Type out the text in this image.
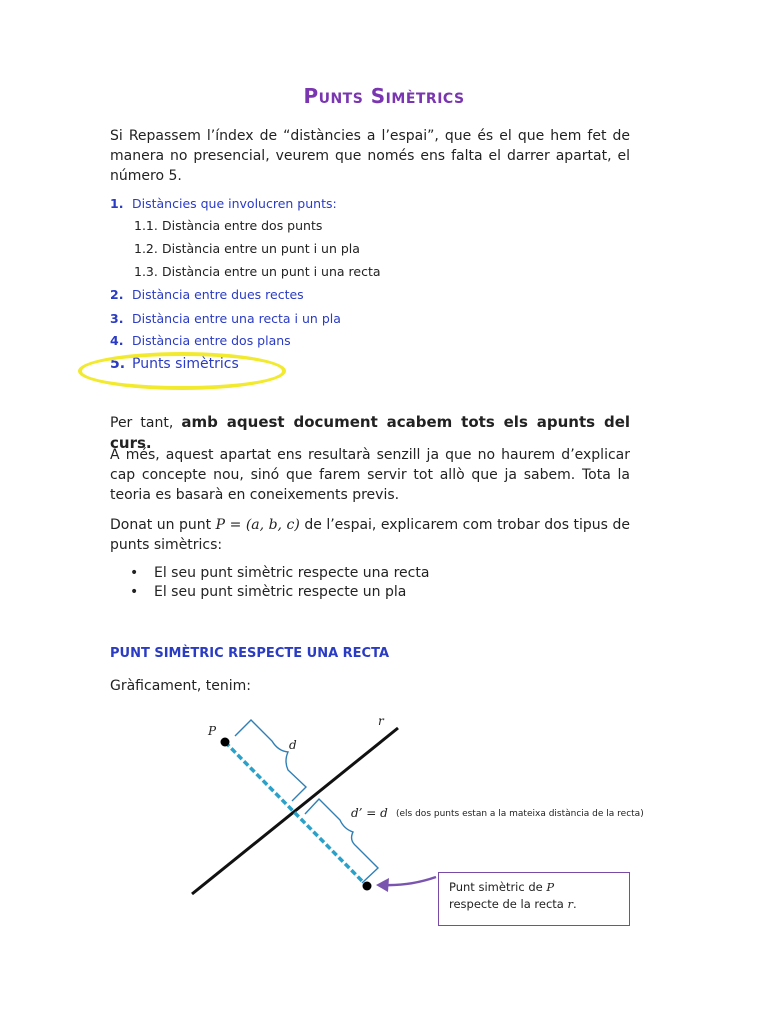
Punts Simètrics
Si Repassem l’índex de “distàncies a l’espai”, que és el que hem fet de manera no presencial, veurem que només ens falta el darrer apartat, el número 5.
1. Distàncies que involucren punts:
1.1. Distància entre dos punts
1.2. Distància entre un punt i un pla
1.3. Distància entre un punt i una recta
2. Distància entre dues rectes
3. Distància entre una recta i un pla
4. Distància entre dos plans
5. Punts simètrics
Per tant, amb aquest document acabem tots els apunts del curs.
A més, aquest apartat ens resultarà senzill ja que no haurem d’explicar cap concepte nou, sinó que farem servir tot allò que ja sabem. Tota la teoria es basarà en coneixements previs.
Donat un punt P = (a, b, c) de l’espai, explicarem com trobar dos tipus de punts simètrics:
• El seu punt simètric respecte una recta
• El seu punt simètric respecte un pla
PUNT SIMÈTRIC RESPECTE UNA RECTA
Gràficament, tenim:
r
P
d
d’ = d (els dos punts estan a la mateixa distància de la recta)
Punt simètric de P
respecte de la recta r.
